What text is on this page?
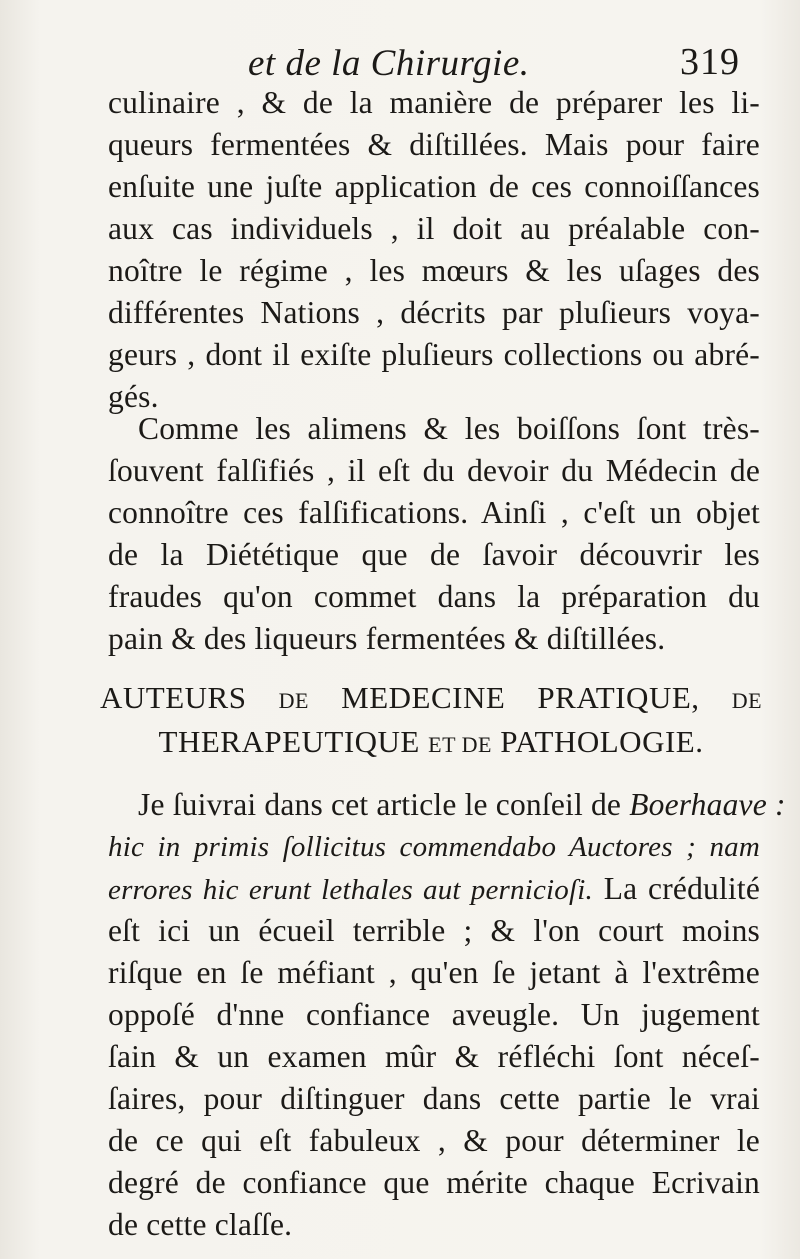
et de la Chirurgie.	319
culinaire , & de la manière de préparer les li-
queurs fermentées & diſtillées. Mais pour faire
enſuite une juſte application de ces connoiſſances
aux cas individuels , il doit au préalable con-
noître le régime , les mœurs & les uſages des
différentes Nations , décrits par pluſieurs voya-
geurs , dont il exiſte pluſieurs collections ou abré-
gés.
Comme les alimens & les boiſſons ſont très-
ſouvent falſifiés , il eſt du devoir du Médecin de
connoître ces falſifications. Ainſi , c'eſt un objet
de la Diététique que de ſavoir découvrir les
fraudes qu'on commet dans la préparation du
pain & des liqueurs fermentées & diſtillées.
AUTEURS DE MEDECINE PRATIQUE, DE
THERAPEUTIQUE ET DE PATHOLOGIE.
Je ſuivrai dans cet article le conſeil de Boerhaave :
hic in primis ſollicitus commendabo Auctores ; nam
errores hic erunt lethales aut pernicioſi. La crédulité
eſt ici un écueil terrible ; & l'on court moins
riſque en ſe méfiant , qu'en ſe jetant à l'extrême
oppoſé d'nne confiance aveugle. Un jugement
ſain & un examen mûr & réfléchi ſont néceſ-
ſaires, pour diſtinguer dans cette partie le vrai
de ce qui eſt fabuleux , & pour déterminer le
degré de confiance que mérite chaque Ecrivain
de cette claſſe.
